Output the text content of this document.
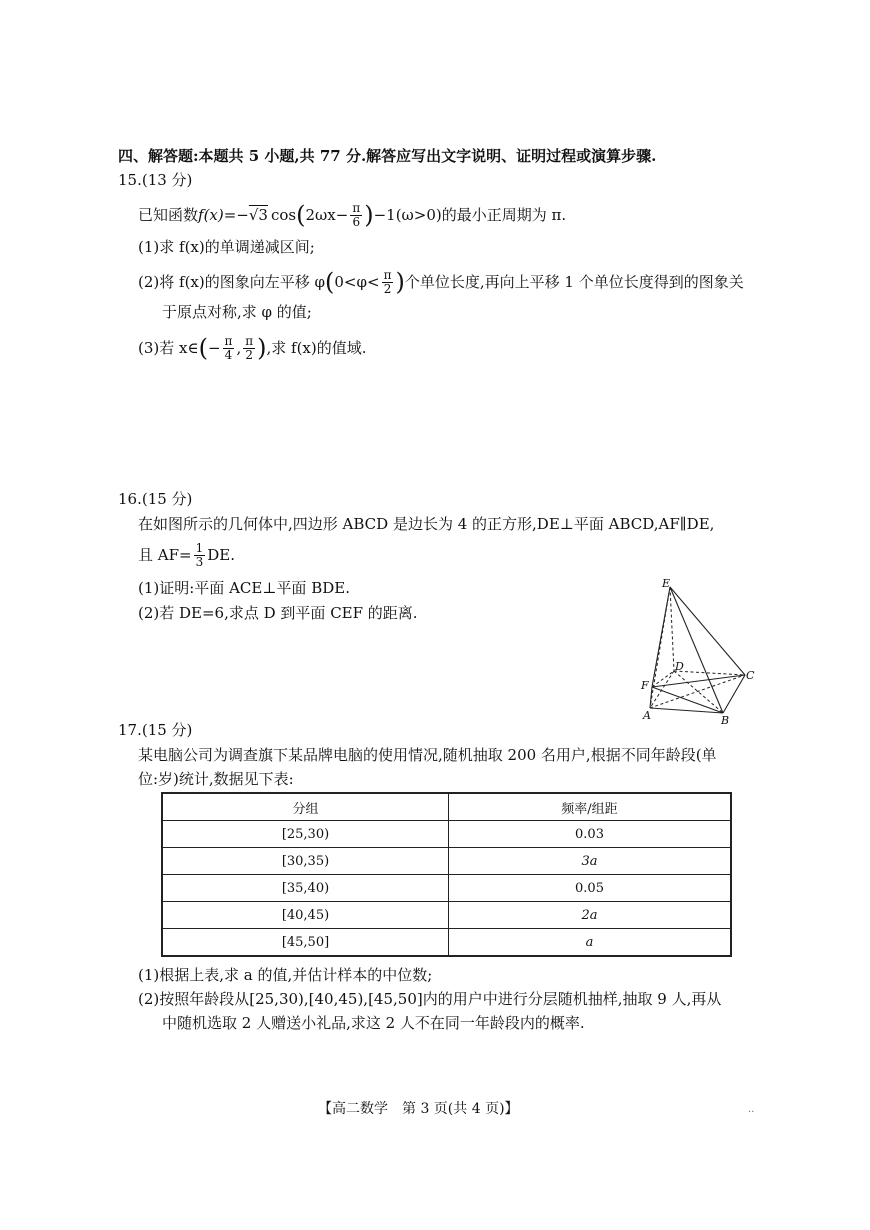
四、解答题:本题共 5 小题,共 77 分.解答应写出文字说明、证明过程或演算步骤.
15.(13 分)
已知函数 f(x) =− √3 cos ( $2\omega x- \frac{\pi}{6}$ ) −1(ω>0)的最小正周期为 π.
(1)求 f(x)的单调递减区间;
(2)将 f(x)的图象向左平移 φ ( $0<\varphi< \frac{\pi}{2}$ ) 个单位长度,再向上平移 1 个单位长度得到的图象关
于原点对称,求 φ 的值;
(3)若 x∈ ( − $\frac{\pi}{4}$ , $\frac{\pi}{2}$ ) ,求 f(x)的值域.
16.(15 分)
在如图所示的几何体中,四边形 ABCD 是边长为 4 的正方形,DE⊥平面 ABCD,AF∥DE,
且 $AF= \frac{1}{3}$ DE.
(1)证明:平面 ACE⊥平面 BDE.
(2)若 DE=6,求点 D 到平面 CEF 的距离.
E
D
C
F
A	B
17.(15 分)
某电脑公司为调查旗下某品牌电脑的使用情况,随机抽取 200 名用户,根据不同年龄段(单
位:岁)统计,数据见下表:
分组	频率/组距
[25,30)	0.03
[30,35)	3a
[35,40)	0.05
[40,45)	2a
[45,50]	a
(1)根据上表,求 a 的值,并估计样本的中位数;
(2)按照年龄段从[25,30),[40,45),[45,50]内的用户中进行分层随机抽样,抽取 9 人,再从
中随机选取 2 人赠送小礼品,求这 2 人不在同一年龄段内的概率.
【高二数学　第 3 页(共 4 页)】	..
